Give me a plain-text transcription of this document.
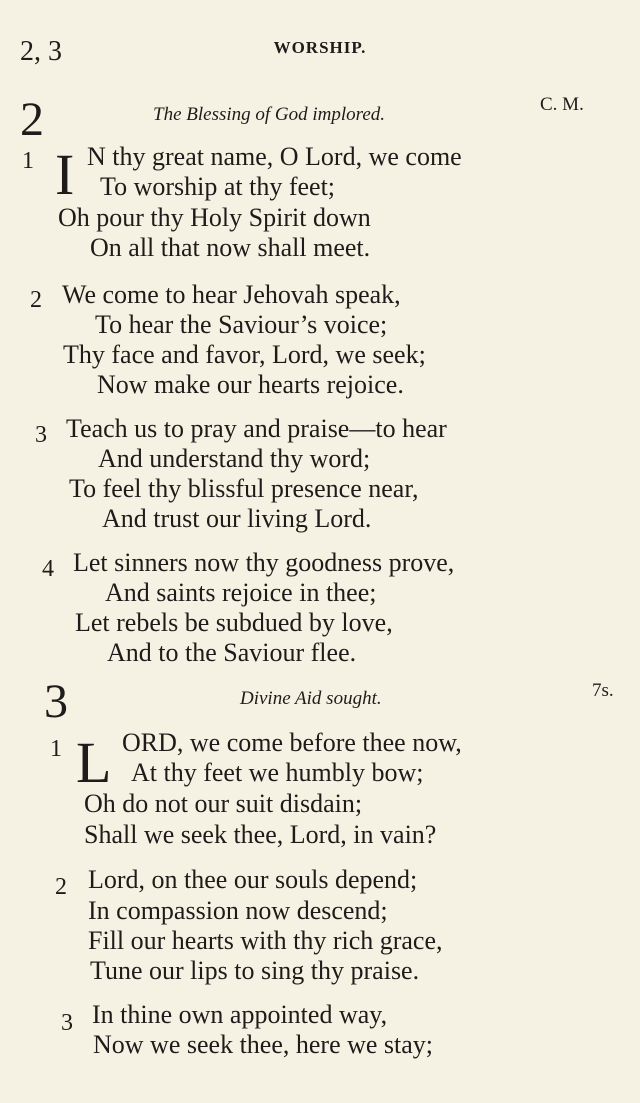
2, 3	WORSHIP.
2	The Blessing of God implored.	C. M.
1 I N thy great name, O Lord, we come
To worship at thy feet;
Oh pour thy Holy Spirit down
On all that now shall meet.
2 We come to hear Jehovah speak,
To hear the Saviour’s voice;
Thy face and favor, Lord, we seek;
Now make our hearts rejoice.
3 Teach us to pray and praise—to hear
And understand thy word;
To feel thy blissful presence near,
And trust our living Lord.
4 Let sinners now thy goodness prove,
And saints rejoice in thee;
Let rebels be subdued by love,
And to the Saviour flee.
3	Divine Aid sought.	7s.
1 L ORD, we come before thee now,
At thy feet we humbly bow;
Oh do not our suit disdain;
Shall we seek thee, Lord, in vain?
2 Lord, on thee our souls depend;
In compassion now descend;
Fill our hearts with thy rich grace,
Tune our lips to sing thy praise.
3 In thine own appointed way,
Now we seek thee, here we stay;
